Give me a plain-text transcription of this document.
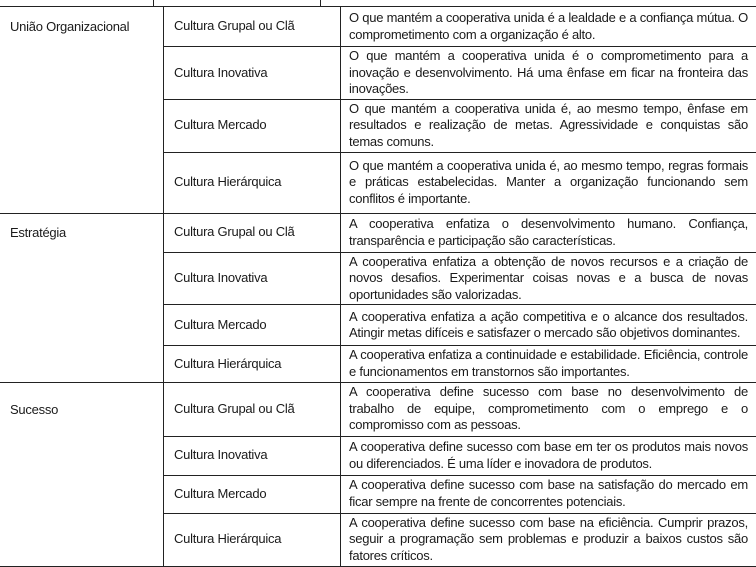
União Organizacional	Cultura Grupal ou Clã	O que mantém a cooperativa unida é a lealdade e a confiança mútua. O comprometimento com a organização é alto.
	Cultura Inovativa	O que mantém a cooperativa unida é o comprometimento para a inovação e desenvolvimento. Há uma ênfase em ficar na fronteira das inovações.
	Cultura Mercado	O que mantém a cooperativa unida é, ao mesmo tempo, ênfase em resultados e realização de metas. Agressividade e conquistas são temas comuns.
	Cultura Hierárquica	O que mantém a cooperativa unida é, ao mesmo tempo, regras formais e práticas estabelecidas. Manter a organização funcionando sem conflitos é importante.
Estratégia	Cultura Grupal ou Clã	A cooperativa enfatiza o desenvolvimento humano. Confiança, transparência e participação são características.
	Cultura Inovativa	A cooperativa enfatiza a obtenção de novos recursos e a criação de novos desafios. Experimentar coisas novas e a busca de novas oportunidades são valorizadas.
	Cultura Mercado	A cooperativa enfatiza a ação competitiva e o alcance dos resultados. Atingir metas difíceis e satisfazer o mercado são objetivos dominantes.
	Cultura Hierárquica	A cooperativa enfatiza a continuidade e estabilidade. Eficiência, controle e funcionamentos em transtornos são importantes.
Sucesso	Cultura Grupal ou Clã	A cooperativa define sucesso com base no desenvolvimento de trabalho de equipe, comprometimento com o emprego e o compromisso com as pessoas.
	Cultura Inovativa	A cooperativa define sucesso com base em ter os produtos mais novos ou diferenciados. É uma líder e inovadora de produtos.
	Cultura Mercado	A cooperativa define sucesso com base na satisfação do mercado em ficar sempre na frente de concorrentes potenciais.
	Cultura Hierárquica	A cooperativa define sucesso com base na eficiência. Cumprir prazos, seguir a programação sem problemas e produzir a baixos custos são fatores críticos.
